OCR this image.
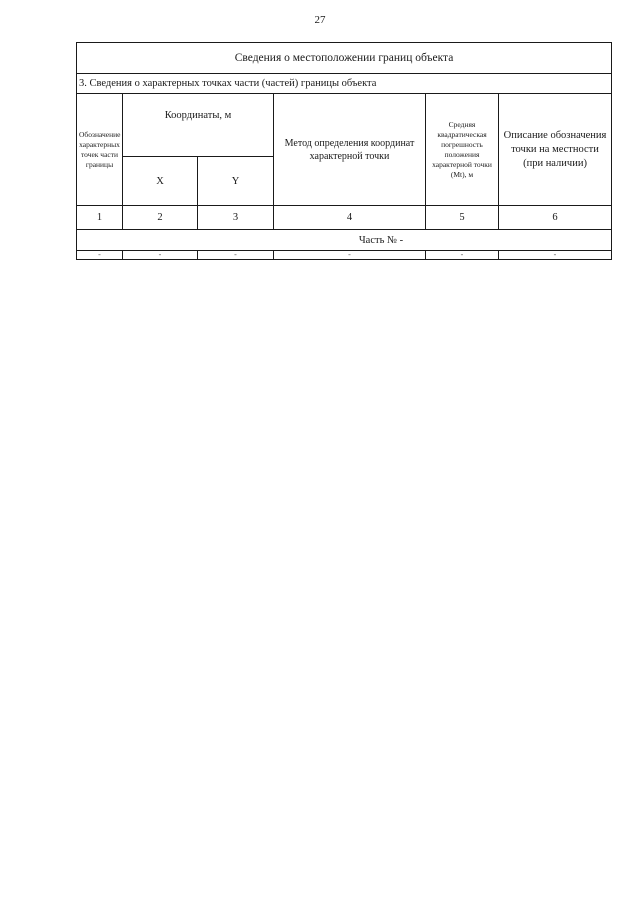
27
Сведения о местоположении границ объекта					
3. Сведения о характерных точках части (частей) границы объекта					
Обозначение характерных точек части границы	Координаты, м		Метод определения координат характерной точки	Средняя квадратическая погрешность положения характерной точки (Mt), м	Описание обозначения точки на местности (при наличии)
	X	Y			
1	2	3	4	5	6
Часть № -					
-	-	-	-	-	-
